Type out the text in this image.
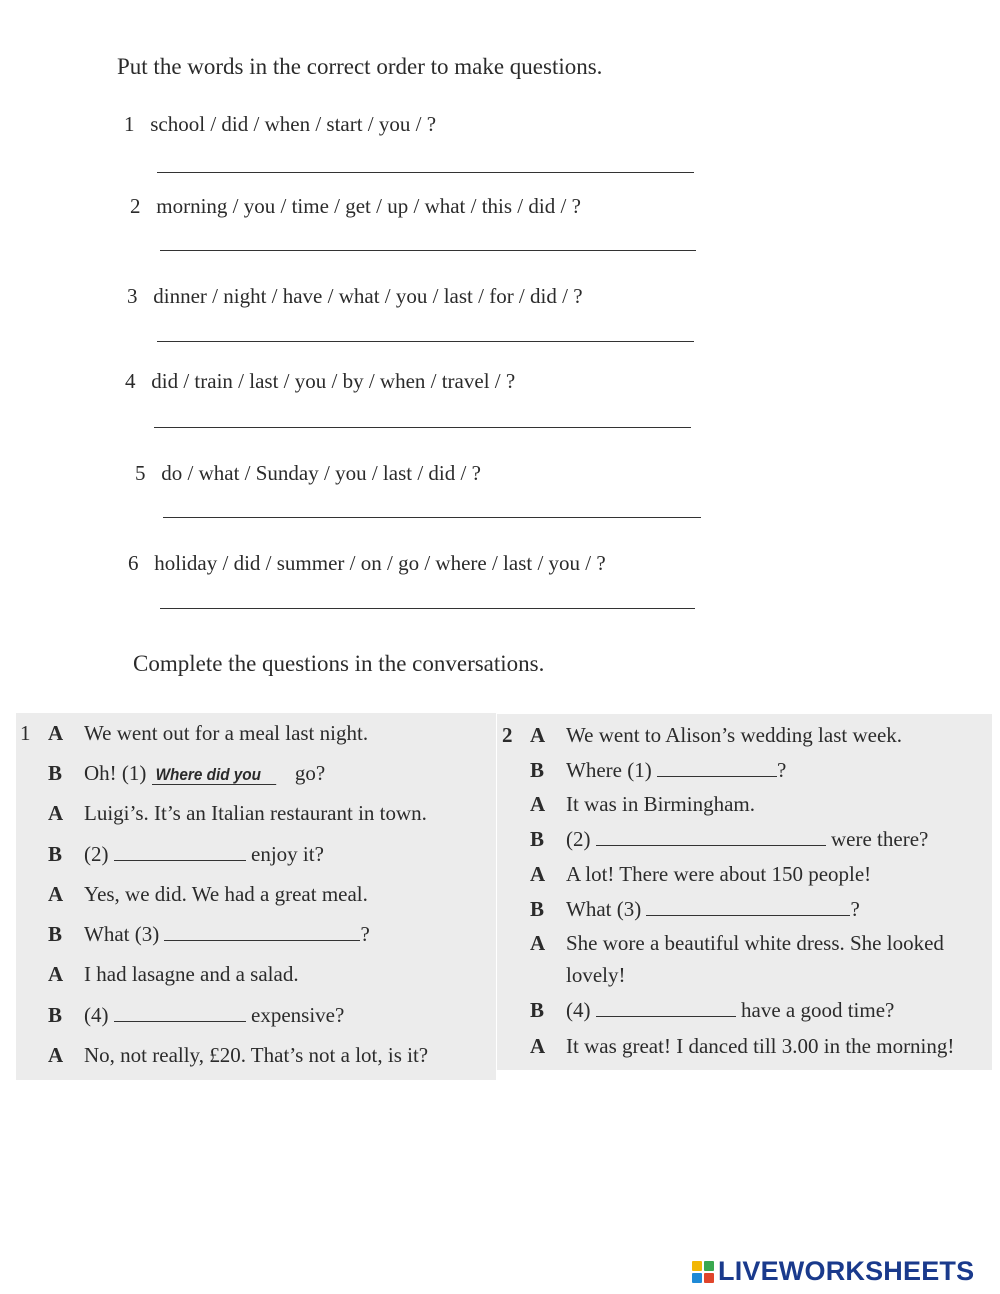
Put the words in the correct order to make questions.
1 school / did / when / start / you / ?
2 morning / you / time / get / up / what / this / did / ?
3 dinner / night / have / what / you / last / for / did / ?
4 did / train / last / you / by / when / travel / ?
5 do / what / Sunday / you / last / did / ?
6 holiday / did / summer / on / go / where / last / you / ?
Complete the questions in the conversations.
1 A We went out for a meal last night.
B	Oh! (1)
Where did you
	go?
A Luigi’s. It’s an Italian restaurant in town.
B	(2)

	enjoy it?
A Yes, we did. We had a great meal.
B	What (3)
	?
A I had lasagne and a salad.
B	(4)

	expensive?
A No, not really, £20. That’s not a lot, is it?
2 A We went to Alison’s wedding last week.
B	Where (1)
	?
A It was in Birmingham.
B	(2)

	were there?
A A lot! There were about 150 people!
B	What (3)
	?
A She wore a beautiful white dress. She looked
lovely!
B	(4)

	have a good time?
A It was great! I danced till 3.00 in the morning!
LIVEWORKSHEETS
